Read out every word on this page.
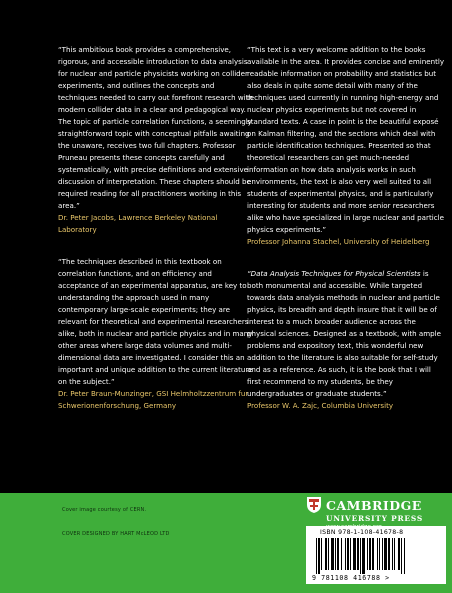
“This ambitious book provides a comprehensive, rigorous, and accessible introduction to data analysis for nuclear and particle physicists working on collider experiments, and outlines the concepts and techniques needed to carry out forefront research with modern collider data in a clear and pedagogical way. The topic of particle correlation functions, a seemingly straightforward topic with conceptual pitfalls awaiting the unaware, receives two full chapters. Professor Pruneau presents these concepts carefully and systematically, with precise definitions and extensive discussion of interpretation. These chapters should be required reading for all practitioners working in this area.”

Dr. Peter Jacobs, Lawrence Berkeley National Laboratory

“The techniques described in this textbook on correlation functions, and on efficiency and acceptance of an experimental apparatus, are key to understanding the approach used in many contemporary large-scale experiments; they are relevant for theoretical and experimental researchers alike, both in nuclear and particle physics and in many other areas where large data volumes and multi-dimensional data are investigated. I consider this an important and unique addition to the current literature on the subject.”

Dr. Peter Braun-Munzinger, GSI Helmholtzzentrum fur Schwerionenforschung, Germany

“This text is a very welcome addition to the books available in the area. It provides concise and eminently readable information on probability and statistics but also deals in quite some detail with many of the techniques used currently in running high-energy and nuclear physics experiments but not covered in standard texts. A case in point is the beautiful exposé on Kalman filtering, and the sections which deal with particle identification techniques. Presented so that theoretical researchers can get much-needed information on how data analysis works in such environments, the text is also very well suited to all students of experimental physics, and is particularly interesting for students and more senior researchers alike who have specialized in large nuclear and particle physics experiments.”

Professor Johanna Stachel, University of Heidelberg

“Data Analysis Techniques for Physical Scientists is both monumental and accessible. While targeted towards data analysis methods in nuclear and particle physics, its breadth and depth insure that it will be of interest to a much broader audience across the physical sciences. Designed as a textbook, with ample problems and expository text, this wonderful new addition to the literature is also suitable for self-study and as a reference. As such, it is the book that I will first recommend to my students, be they undergraduates or graduate students.”

Professor W. A. Zajc, Columbia University

Cover image courtesy of CERN.
COVER DESIGNED BY HART McLEOD LTD
CAMBRIDGE
UNIVERSITY PRESS
ISBN 978-1-108-41678-8
9 781108 416788 >
